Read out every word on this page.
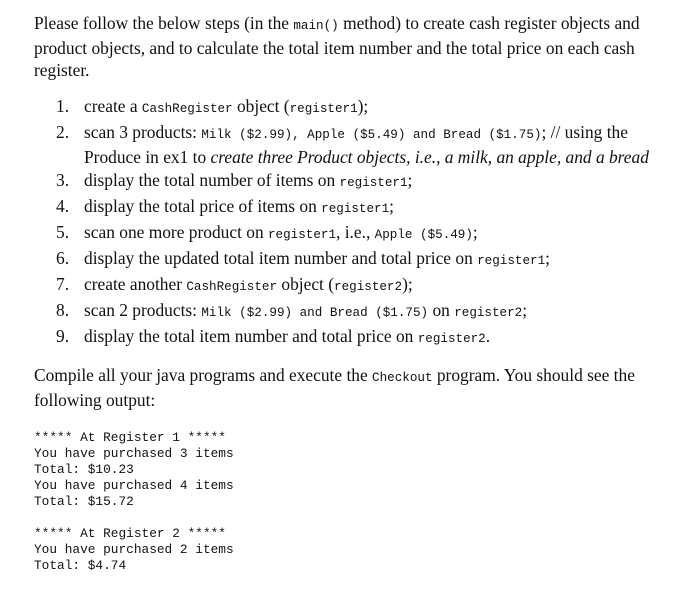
Please follow the below steps (in the main() method) to create cash register objects and product objects, and to calculate the total item number and the total price on each cash register.

1. create a CashRegister object (register1);
2. scan 3 products: Milk ($2.99), Apple ($5.49) and Bread ($1.75); // using the Produce in ex1 to create three Product objects, i.e., a milk, an apple, and a bread
3. display the total number of items on register1;
4. display the total price of items on register1;
5. scan one more product on register1, i.e., Apple ($5.49);
6. display the updated total item number and total price on register1;
7. create another CashRegister object (register2);
8. scan 2 products: Milk ($2.99) and Bread ($1.75) on register2;
9. display the total item number and total price on register2.

Compile all your java programs and execute the Checkout program. You should see the following output:

***** At Register 1 *****
You have purchased 3 items
Total: $10.23
You have purchased 4 items
Total: $15.72
***** At Register 2 *****
You have purchased 2 items
Total: $4.74
